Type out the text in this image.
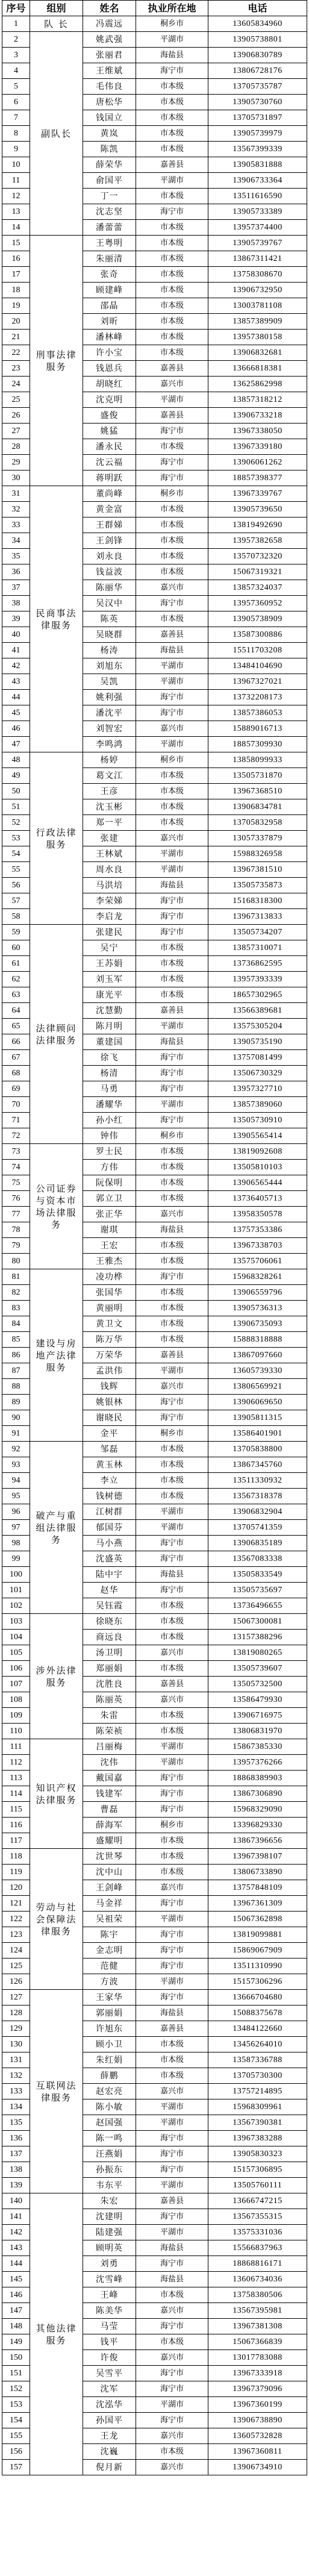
序号	组别	姓名	执业所在地	电话
1	队 长	冯震远	桐乡市	13605834960
2	副队长	姚武强	平湖市	13905738801
3		张丽君	海盐县	13906830789
4		王维斌	海宁市	13806728176
5		毛伟良	市本级	13705735787
6		唐松华	市本级	13905730760
7		钱国立	市本级	13705731897
8		黄岚	市本级	13905739979
9		陈凯	市本级	13567399339
10		薛荣华	嘉善县	13905831888
11		俞国平	平湖市	13906733364
12		丁一	市本级	13511616590
13		沈志坚	海宁市	13905733389
14		潘蕾蕾	市本级	13957374400
15	刑事法律服务	王粤明	市本级	13905739767
16		朱丽清	市本级	13867311421
17		张奇	市本级	13758308670
18		顾建峰	市本级	13906732950
19		邵晶	市本级	13003781108
20		刘昕	市本级	13857389909
21		潘林峰	市本级	13957380158
22		许小宝	市本级	13906832681
23		钱恩兵	嘉善县	13666818381
24		胡晓红	嘉兴市	13625862998
25		沈克明	平湖市	13857318212
26		盛俊	嘉善县	13906733218
27		姚猛	海宁市	13967338050
28		潘永民	市本级	13967339180
29		沈云福	海宁市	13906061262
30		蒋明跃	海宁市	18857398377
31	民商事法律服务	董尚峰	桐乡市	13967339767
32		黄金富	市本级	13905739650
33		王群娣	市本级	13819492690
34		王剑锋	市本级	13957382658
35		刘永良	市本级	13570732320
36		钱益波	市本级	15067319321
37		陈丽华	嘉兴市	13857324037
38		吴汉中	海宁市	13957360952
39		陈英	市本级	13905738909
40		吴晓群	嘉善县	13587300886
41		杨涛	海盐县	15511703208
42		刘旭东	平湖市	13484104690
43		吴凯	平湖市	13967327021
44		姚利强	海宁市	13732208173
45		潘沈平	海宁市	13857386053
46		刘智宏	嘉兴市	15889016713
47		李鸣鸿	平湖市	18857309930
48	行政法律服务	杨婷	桐乡市	13858099933
49		葛文江	市本级	13505731870
50		王彦	市本级	13967368510
51		沈玉彬	市本级	13906834781
52		郑一平	市本级	13705832958
53		张建	嘉兴市	13057337879
54		王林斌	平湖市	15988326958
55		周水良	平湖市	13967381510
56		马洪培	海盐县	13505735873
57		李荣娣	海宁市	15168318300
58		李启龙	海宁市	13967313833
59	法律顾问法律服务	张建民	海宁市	13505734207
60		吴宁	市本级	13857310071
61		王苏娟	市本级	13736862595
62		刘玉军	市本级	13957393339
63		康光平	市本级	18657302965
64		沈慧勤	嘉善县	13566389681
65		陈月明	平湖市	13575305204
66		董建国	海盐县	13905735190
67		徐飞	海宁市	13757081499
68		杨清	海宁市	13506730329
69		马勇	海宁市	13957327710
70		潘耀华	平湖市	13857389060
71		孙小红	海宁市	13505730910
72		钟伟	桐乡市	13905565414
73	公司证券与资本市场法律服务	罗士民	市本级	13819092608
74		方伟	市本级	13505810103
75		阮保明	市本级	13906565444
76		郭立卫	市本级	13736405713
77		张正华	嘉兴市	13958350578
78		谢琪	海盐县	13757353386
79		王宏	市本级	13967338703
80		王雅杰	市本级	13575706061
81	建设与房地产法律服务	凌功桦	海宁市	15968328261
82		张国华	市本级	13906559796
83		黄丽明	市本级	13905736313
84		黄卫文	市本级	13906735093
85		陈万华	市本级	15888318888
86		万荣华	嘉善县	13867097660
87		孟洪伟	平湖市	13605739330
88		钱辉	嘉兴市	13806569921
89		姚银林	海宁市	13906069650
90		谢晓民	海宁市	13905811315
91		金平	桐乡市	13586401901
92	破产与重组法律服务	邹磊	市本级	13705838800
93		黄玉林	市本级	13867345760
94		李立	市本级	13511330932
95		钱树德	市本级	13567318378
96		江树群	平湖市	13906832904
97		郁国芬	平湖市	13705741359
98		马小燕	海宁市	13906835189
99		沈盛英	海宁市	13567083338
100		陆中宇	海盐县	13505833549
101		赵华	海宁市	13505735697
102		吴钰霞	市本级	13736496655
103	涉外法律服务	徐晓东	市本级	15067300081
104		商远良	市本级	13157388296
105		汤卫明	嘉兴市	13819080265
106		郑丽娟	市本级	13505739607
107		沈胜良	嘉善县	13505732500
108		陈丽英	嘉兴市	13586479930
109		朱雷	市本级	13906716975
110		陈荣祯	市本级	13806831970
111	知识产权法律服务	吕丽梅	平湖市	15867385330
112		沈伟	平湖市	13957376266
113		戴国嘉	海宁市	18868389903
114		钱建军	海宁市	13867306890
115		曹磊	海宁市	15968329090
116		薛海军	桐乡市	13396829330
117		盛耀明	市本级	13867396656
118	劳动与社会保障法律服务	沈世琴	市本级	13967398107
119		沈中山	市本级	13806733890
120		王剑峰	嘉兴市	13757848109
121		马金祥	海宁市	13967361309
122		吴祖荣	平湖市	15067362898
123		陈宇	海宁市	13819099881
124		金志明	海宁市	15869067909
125		范健	海宁市	13511310990
126		方波	平湖市	15157306296
127	互联网法律服务	王家华	海宁市	13666704680
128		郭丽娟	海盐县	15088375678
129		许旭东	嘉善县	13484122660
130		顾小卫	市本级	13456264010
131		朱红娟	市本级	13587336788
132		薛鹏	市本级	13705730300
133		赵宏亮	嘉兴市	13757214895
134		陈小敏	平湖市	15968309961
135		赵国强	平湖市	13567390381
136		陈一鸣	海宁市	13967383288
137		汪燕娟	海宁市	13905830323
138		孙振东	海宁市	15157306895
139		韦东平	平湖市	13505760111
140	其他法律服务	朱宏	嘉善县	13666747215
141		沈建明	海宁市	13567355315
142		陆建强	平湖市	13575331036
143		顾明英	海盐县	15566837963
144		刘勇	海宁市	18868816171
145		沈雪峰	海盐县	13606734036
146		王峰	市本级	13758380506
147		陈美华	嘉兴市	13567395981
148		马莹	海宁市	13967381308
149		钱平	市本级	15067366839
150		许俊	嘉兴市	13017783088
151		吴雪平	海宁市	13967333918
152		沈军	海宁市	13967379096
153		沈泓华	平湖市	13967360199
154		孙国平	海宁市	13906738890
155		王龙	嘉兴市	13605732828
156		沈巍	市本级	13967360811
157		倪月新	嘉兴市	13906734910
